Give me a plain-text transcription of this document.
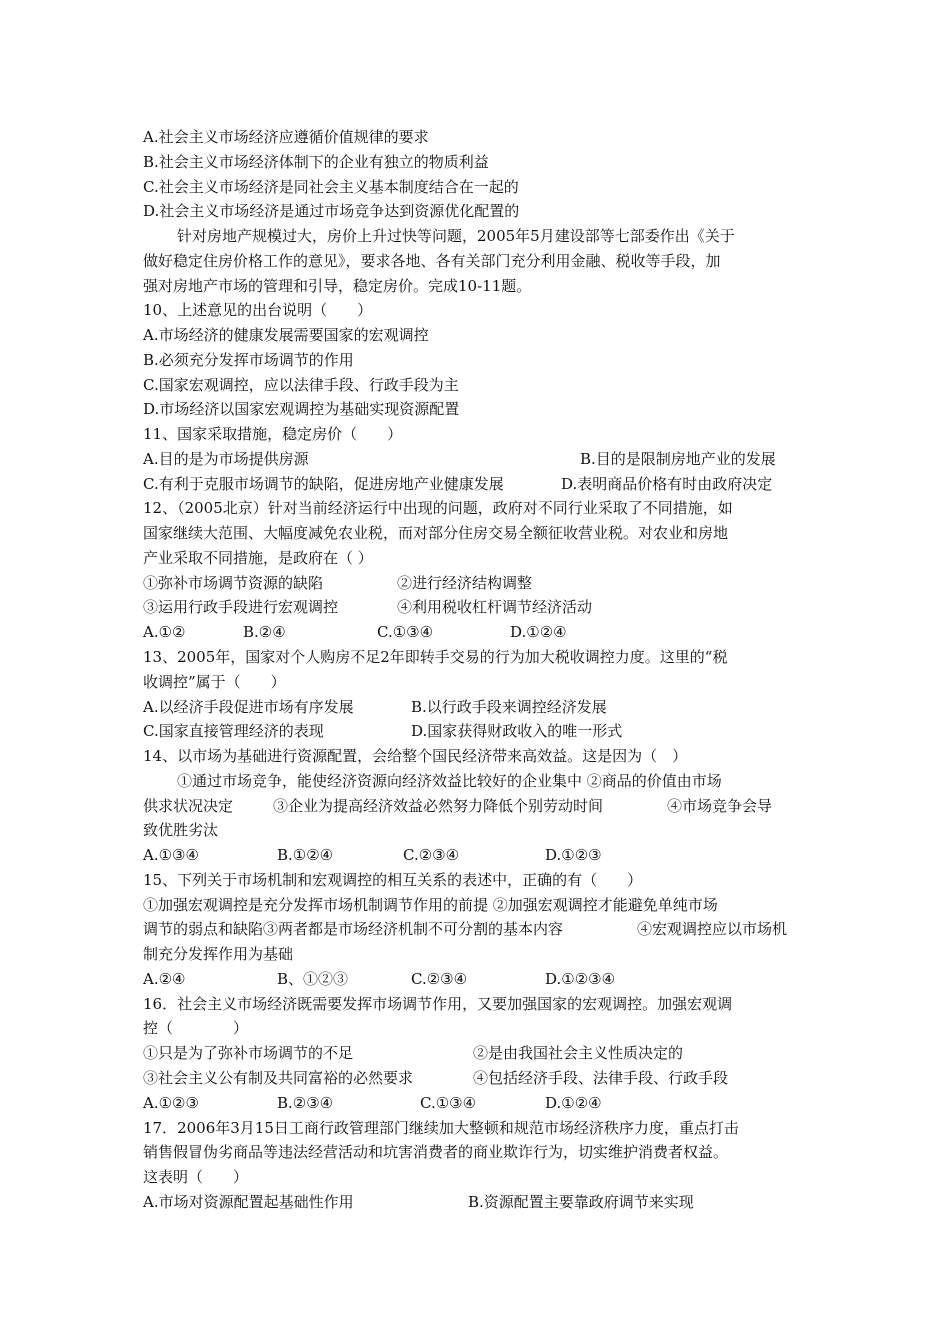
A.社会主义市场经济应遵循价值规律的要求
B.社会主义市场经济体制下的企业有独立的物质利益
C.社会主义市场经济是同社会主义基本制度结合在一起的
D.社会主义市场经济是通过市场竞争达到资源优化配置的
针对房地产规模过大，房价上升过快等问题，2005年5月建设部等七部委作出《关于
做好稳定住房价格工作的意见》，要求各地、各有关部门充分利用金融、税收等手段，加
强对房地产市场的管理和引导，稳定房价。完成10-11题。
10、上述意见的出台说明（　　）
A.市场经济的健康发展需要国家的宏观调控
B.必须充分发挥市场调节的作用
C.国家宏观调控，应以法律手段、行政手段为主
D.市场经济以国家宏观调控为基础实现资源配置
11、国家采取措施，稳定房价（　　）
A.目的是为市场提供房源	B.目的是限制房地产业的发展
C.有利于克服市场调节的缺陷，促进房地产业健康发展	D.表明商品价格有时由政府决定
12、（2005北京）针对当前经济运行中出现的问题，政府对不同行业采取了不同措施，如
国家继续大范围、大幅度减免农业税，而对部分住房交易全额征收营业税。对农业和房地
产业采取不同措施，是政府在（ ）
①弥补市场调节资源的缺陷	②进行经济结构调整
③运用行政手段进行宏观调控	④利用税收杠杆调节经济活动
A.①②	B.②④	C.①③④	D.①②④
13、2005年，国家对个人购房不足2年即转手交易的行为加大税收调控力度。这里的“税
收调控”属于（　　）
A.以经济手段促进市场有序发展	B.以行政手段来调控经济发展
C.国家直接管理经济的表现	D.国家获得财政收入的唯一形式
14、以市场为基础进行资源配置，会给整个国民经济带来高效益。这是因为（　）
①通过市场竞争，能使经济资源向经济效益比较好的企业集中 ②商品的价值由市场
供求状况决定	③企业为提高经济效益必然努力降低个别劳动时间	④市场竞争会导
致优胜劣汰
A.①③④	B.①②④	C.②③④	D.①②③
15、下列关于市场机制和宏观调控的相互关系的表述中，正确的有（　　）
①加强宏观调控是充分发挥市场机制调节作用的前提 ②加强宏观调控才能避免单纯市场
调节的弱点和缺陷③两者都是市场经济机制不可分割的基本内容	④宏观调控应以市场机
制充分发挥作用为基础
A.②④	B、①②③	C.②③④	D.①②③④
16．社会主义市场经济既需要发挥市场调节作用，又要加强国家的宏观调控。加强宏观调
控（　　　　）
①只是为了弥补市场调节的不足	②是由我国社会主义性质决定的
③社会主义公有制及共同富裕的必然要求	④包括经济手段、法律手段、行政手段
A.①②③	B.②③④	C.①③④	D.①②④
17．2006年3月15日工商行政管理部门继续加大整顿和规范市场经济秩序力度，重点打击
销售假冒伪劣商品等违法经营活动和坑害消费者的商业欺诈行为，切实维护消费者权益。
这表明（　　）
A.市场对资源配置起基础性作用	B.资源配置主要靠政府调节来实现
